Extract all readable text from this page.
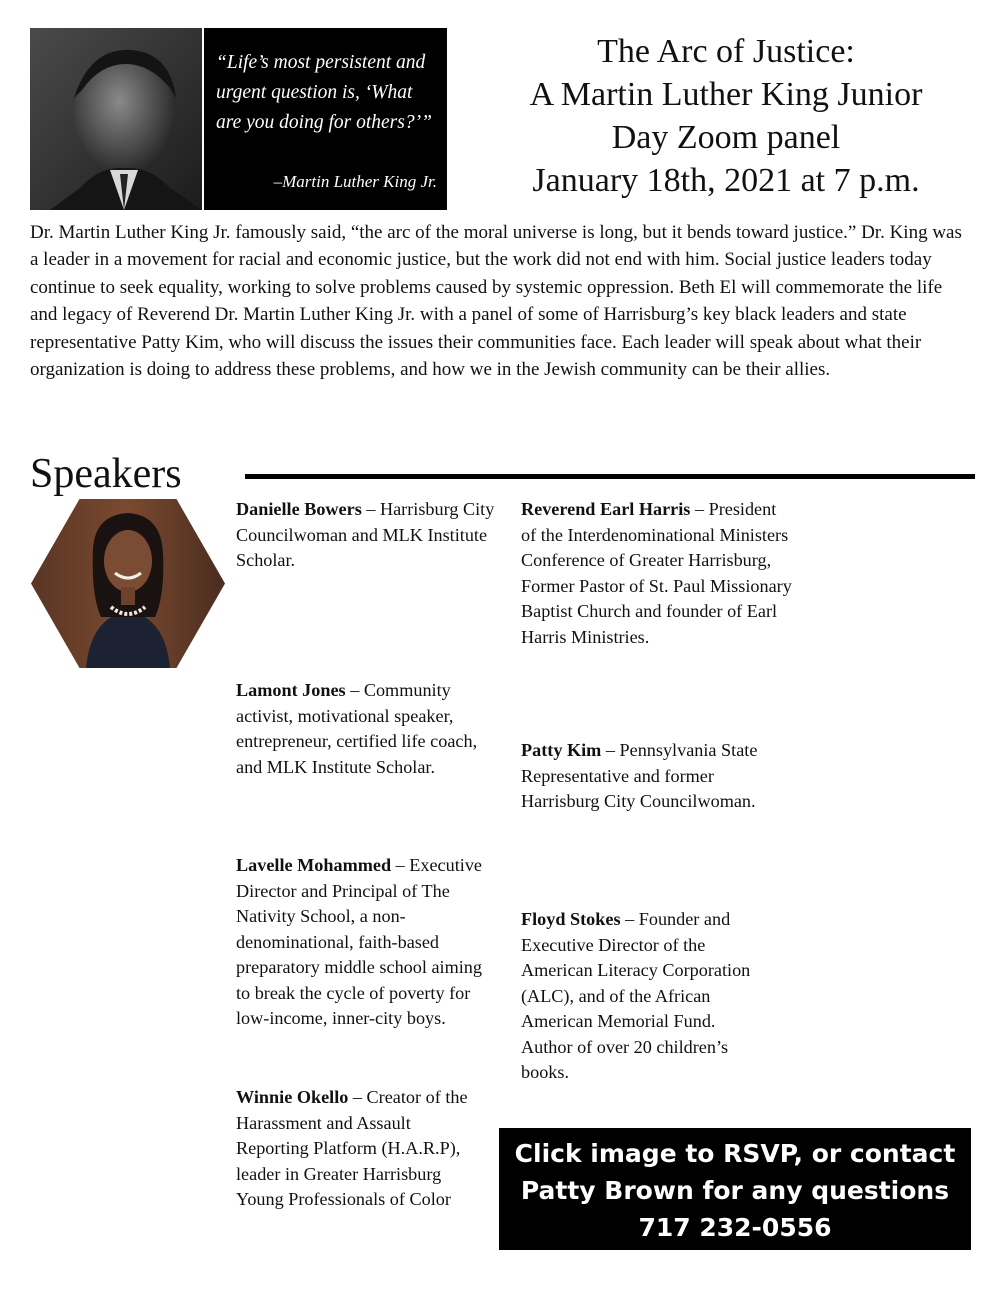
“Life’s most persistent and urgent question is, ‘What are you doing for others?’”
–Martin Luther King Jr.
The Arc of Justice:
A Martin Luther King Junior
Day Zoom panel
January 18th, 2021 at 7 p.m.

Dr. Martin Luther King Jr. famously said, “the arc of the moral universe is long, but it bends toward justice.” Dr. King was a leader in a movement for racial and economic justice, but the work did not end with him. Social justice leaders today continue to seek equality, working to solve problems caused by systemic oppression. Beth El will commemorate the life and legacy of Reverend Dr. Martin Luther King Jr. with a panel of some of Harrisburg’s key black leaders and state representative Patty Kim, who will discuss the issues their communities face. Each leader will speak about what their organization is doing to address these problems, and how we in the Jewish community can be their allies.

Speakers

Danielle Bowers – Harrisburg City Councilwoman and MLK Institute Scholar.

Lamont Jones – Community activist, motivational speaker, entrepreneur, certified life coach, and MLK Institute Scholar.

Lavelle Mohammed – Executive Director and Principal of The Nativity School, a non-denominational, faith-based preparatory middle school aiming to break the cycle of poverty for low-income, inner-city boys.

Winnie Okello – Creator of the Harassment and Assault Reporting Platform (H.A.R.P), leader in Greater Harrisburg Young Professionals of Color

Reverend Earl Harris – President of the Interdenominational Ministers Conference of Greater Harrisburg, Former Pastor of St. Paul Missionary Baptist Church and founder of Earl Harris Ministries.

Patty Kim – Pennsylvania State Representative and former Harrisburg City Councilwoman.

Floyd Stokes – Founder and Executive Director of the American Literacy Corporation (ALC), and of the African American Memorial Fund. Author of over 20 children’s books.

Click image to RSVP, or contact
Patty Brown for any questions
717 232-0556 patty@bethelhbg.org
